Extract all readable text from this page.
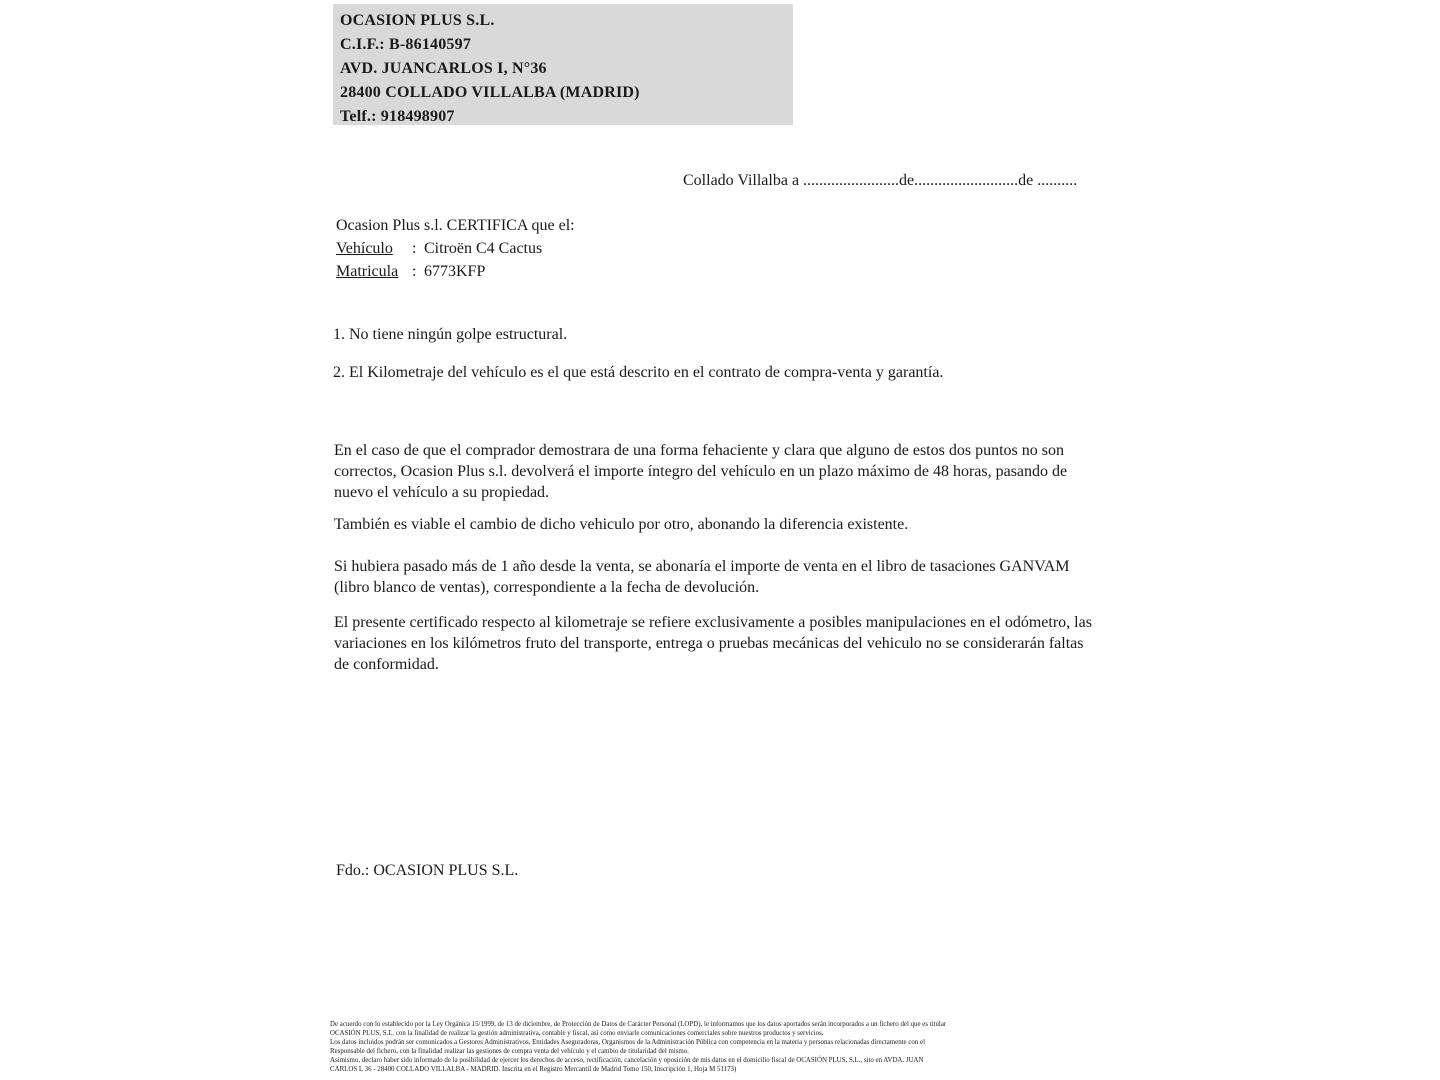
OCASION PLUS S.L.
C.I.F.: B-86140597
AVD. JUANCARLOS I, N°36
28400 COLLADO VILLALBA (MADRID)
Telf.: 918498907
Collado Villalba a ........................de..........................de ..........
Ocasion Plus s.l. CERTIFICA que el:
Vehículo : Citroën C4 Cactus
Matricula : 6773KFP
1. No tiene ningún golpe estructural.
2. El Kilometraje del vehículo es el que está descrito en el contrato de compra-venta y garantía.
En el caso de que el comprador demostrara de una forma fehaciente y clara que alguno de estos dos puntos no son correctos, Ocasion Plus s.l. devolverá el importe íntegro del vehículo en un plazo máximo de 48 horas, pasando de nuevo el vehículo a su propiedad.
También es viable el cambio de dicho vehiculo por otro, abonando la diferencia existente.
Si hubiera pasado más de 1 año desde la venta, se abonaría el importe de venta en el libro de tasaciones GANVAM (libro blanco de ventas), correspondiente a la fecha de devolución.
El presente certificado respecto al kilometraje se refiere exclusivamente a posibles manipulaciones en el odómetro, las variaciones en los kilómetros fruto del transporte, entrega o pruebas mecánicas del vehiculo no se considerarán faltas de conformidad.
Fdo.: OCASION PLUS S.L.
De acuerdo con lo establecido por la Ley Orgánica 15/1999, de 13 de diciembre, de Protección de Datos de Carácter Personal (LOPD), le informamos que los datos aportados serán incorporados a un fichero del que es titular
OCASIÓN PLUS, S.L. con la finalidad de realizar la gestión administrativa, contable y fiscal, así como enviarle comunicaciones comerciales sobre nuestros productos y servicios.
Los datos incluidos podrán ser comunicados a Gestores Administrativos, Entidades Aseguradoras, Organismos de la Administración Pública con competencia en la materia y personas relacionadas directamente con el
Responsable del fichero, con la finalidad realizar las gestiones de compra venta del vehículo y el cambio de titularidad del mismo.
Asimismo, declaro haber sido informado de la posibilidad de ejercer los derechos de acceso, rectificación, cancelación y oposición de mis datos en el domicilio fiscal de OCASIÓN PLUS, S.L., sito en AVDA. JUAN
CARLOS I, 36 - 28400 COLLADO VILLALBA - MADRID. Inscrita en el Registro Mercantil de Madrid Tomo 150, Inscripción 1, Hoja M 51173)
